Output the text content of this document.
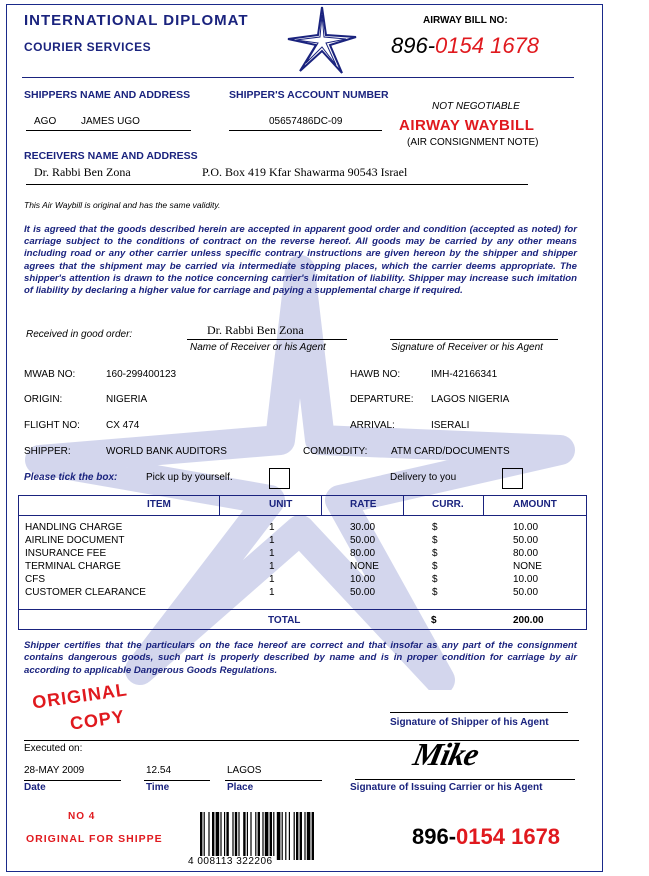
INTERNATIONAL DIPLOMAT
COURIER SERVICES
AIRWAY BILL NO:
896-0154 1678
SHIPPERS NAME AND ADDRESS	SHIPPER'S ACCOUNT NUMBER
AGO JAMES UGO	05657486DC-09
NOT NEGOTIABLE
AIRWAY WAYBILL
(AIR CONSIGNMENT NOTE)
RECEIVERS NAME AND ADDRESS
Dr. Rabbi Ben Zona	P.O. Box 419 Kfar Shawarma 90543 Israel
This Air Waybill is original and has the same validity.
It is agreed that the goods described herein are accepted in apparent good order and condition (accepted as noted) for carriage subject to the conditions of contract on the reverse hereof. All goods may be carried by any other means including road or any other carrier unless specific contrary instructions are given hereon by the shipper and shipper agrees that the shipment may be carried via intermediate stopping places, which the carrier deems appropriate. The shipper's attention is drawn to the notice concerning carrier's limitation of liability. Shipper may increase such imitation of liability by declaring a higher value for carriage and paying a supplemental charge if required.
Received in good order:	Dr. Rabbi Ben Zona
Name of Receiver or his Agent	Signature of Receiver or his Agent
MWAB NO:	160-299400123	HAWB NO:	IMH-42166341
ORIGIN:	NIGERIA	DEPARTURE: LAGOS NIGERIA
FLIGHT NO:	CX 474	ARRIVAL:	ISERALI
SHIPPER:	WORLD BANK AUDITORS	COMMODITY: ATM CARD/DOCUMENTS
Please tick the box:	Pick up by yourself.	Delivery to you
ITEM	UNIT	RATE	CURR.	AMOUNT
HANDLING CHARGE	1	30.00	$	10.00
AIRLINE DOCUMENT	1	50.00	$	50.00
INSURANCE FEE	1	80.00	$	80.00
TERMINAL CHARGE	1	NONE	$	NONE
CFS	1	10.00	$	10.00
CUSTOMER CLEARANCE	1	50.00	$	50.00
TOTAL	$	200.00
Shipper certifies that the particulars on the face hereof are correct and that insofar as any part of the consignment contains dangerous goods, such part is properly described by name and is in proper condition for carriage by air according to applicable Dangerous Goods Regulations.
ORIGINAL
COPY	Signature of Shipper of his Agent
Executed on:
28-MAY 2009	12.54	LAGOS
Date	Time	Place
Mike
Signature of Issuing Carrier or his Agent
NO 4
ORIGINAL FOR SHIPPE
4 008113 322206
896-0154 1678
